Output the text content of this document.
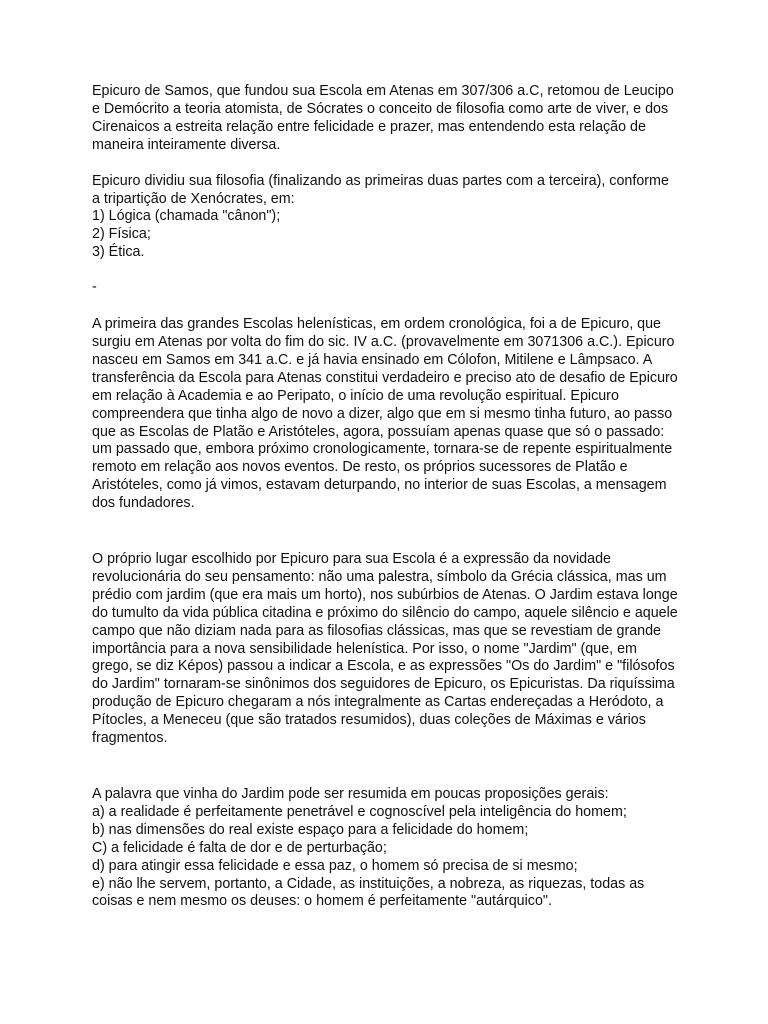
Epicuro de Samos, que fundou sua Escola em Atenas em 307/306 a.C, retomou de Leucipo
e Demócrito a teoria atomista, de Sócrates o conceito de filosofia como arte de viver, e dos
Cirenaicos a estreita relação entre felicidade e prazer, mas entendendo esta relação de
maneira inteiramente diversa.

Epicuro dividiu sua filosofia (finalizando as primeiras duas partes com a terceira), conforme
a tripartição de Xenócrates, em:

1) Lógica (chamada "cânon");

2) Física;

3) Ética.

-

A primeira das grandes Escolas helenísticas, em ordem cronológica, foi a de Epicuro, que
surgiu em Atenas por volta do fim do sic. IV a.C. (provavelmente em 3071306 a.C.). Epicuro
nasceu em Samos em 341 a.C. e já havia ensinado em Cólofon, Mitilene e Lâmpsaco. A
transferência da Escola para Atenas constitui verdadeiro e preciso ato de desafio de Epicuro
em relação à Academia e ao Peripato, o início de uma revolução espiritual. Epicuro
compreendera que tinha algo de novo a dizer, algo que em si mesmo tinha futuro, ao passo
que as Escolas de Platão e Aristóteles, agora, possuíam apenas quase que só o passado:
um passado que, embora próximo cronologicamente, tornara-se de repente espiritualmente
remoto em relação aos novos eventos. De resto, os próprios sucessores de Platão e
Aristóteles, como já vimos, estavam deturpando, no interior de suas Escolas, a mensagem
dos fundadores.

O próprio lugar escolhido por Epicuro para sua Escola é a expressão da novidade
revolucionária do seu pensamento: não uma palestra, símbolo da Grécia clássica, mas um
prédio com jardim (que era mais um horto), nos subúrbios de Atenas. O Jardim estava longe
do tumulto da vida pública citadina e próximo do silêncio do campo, aquele silêncio e aquele
campo que não diziam nada para as filosofias clássicas, mas que se revestiam de grande
importância para a nova sensibilidade helenística. Por isso, o nome "Jardim" (que, em
grego, se diz Képos) passou a indicar a Escola, e as expressões "Os do Jardim" e "filósofos
do Jardim" tornaram-se sinônimos dos seguidores de Epicuro, os Epicuristas. Da riquíssima
produção de Epicuro chegaram a nós integralmente as Cartas endereçadas a Heródoto, a
Pítocles, a Meneceu (que são tratados resumidos), duas coleções de Máximas e vários
fragmentos.

A palavra que vinha do Jardim pode ser resumida em poucas proposições gerais:

a) a realidade é perfeitamente penetrável e cognoscível pela inteligência do homem;

b) nas dimensões do real existe espaço para a felicidade do homem;

C) a felicidade é falta de dor e de perturbação;

d) para atingir essa felicidade e essa paz, o homem só precisa de si mesmo;

e) não lhe servem, portanto, a Cidade, as instituições, a nobreza, as riquezas, todas as
coisas e nem mesmo os deuses: o homem é perfeitamente "autárquico".
